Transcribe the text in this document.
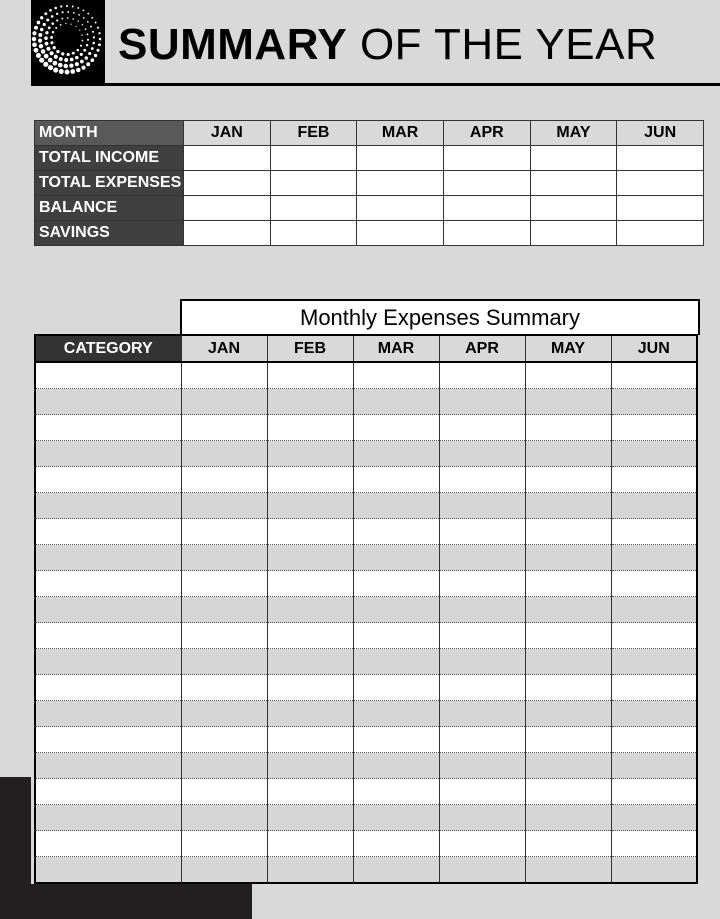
SUMMARY OF THE YEAR
MONTH	JAN	FEB	MAR	APR	MAY	JUN
TOTAL INCOME						
TOTAL EXPENSES						
BALANCE						
SAVINGS						
Monthly Expenses Summary
CATEGORY	JAN	FEB	MAR	APR	MAY	JUN
